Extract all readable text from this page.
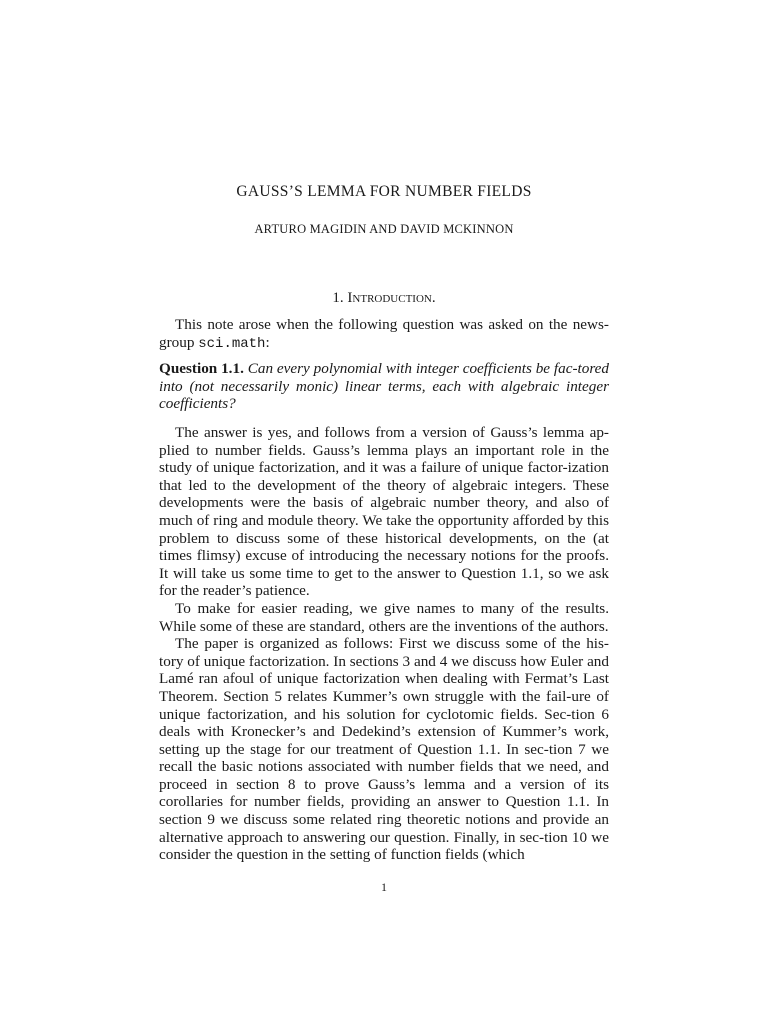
GAUSS’S LEMMA FOR NUMBER FIELDS
ARTURO MAGIDIN AND DAVID MCKINNON
1. Introduction.

This note arose when the following question was asked on the news-group sci.math:

Question 1.1. Can every polynomial with integer coefficients be fac-tored into (not necessarily monic) linear terms, each with algebraic integer coefficients?

The answer is yes, and follows from a version of Gauss’s lemma ap-plied to number fields. Gauss’s lemma plays an important role in the study of unique factorization, and it was a failure of unique factor-ization that led to the development of the theory of algebraic integers. These developments were the basis of algebraic number theory, and also of much of ring and module theory. We take the opportunity afforded by this problem to discuss some of these historical developments, on the (at times flimsy) excuse of introducing the necessary notions for the proofs. It will take us some time to get to the answer to Question 1.1, so we ask for the reader’s patience.

To make for easier reading, we give names to many of the results. While some of these are standard, others are the inventions of the authors.

The paper is organized as follows: First we discuss some of the his-tory of unique factorization. In sections 3 and 4 we discuss how Euler and Lamé ran afoul of unique factorization when dealing with Fermat’s Last Theorem. Section 5 relates Kummer’s own struggle with the fail-ure of unique factorization, and his solution for cyclotomic fields. Sec-tion 6 deals with Kronecker’s and Dedekind’s extension of Kummer’s work, setting up the stage for our treatment of Question 1.1. In sec-tion 7 we recall the basic notions associated with number fields that we need, and proceed in section 8 to prove Gauss’s lemma and a version of its corollaries for number fields, providing an answer to Question 1.1. In section 9 we discuss some related ring theoretic notions and provide an alternative approach to answering our question. Finally, in sec-tion 10 we consider the question in the setting of function fields (which

1
